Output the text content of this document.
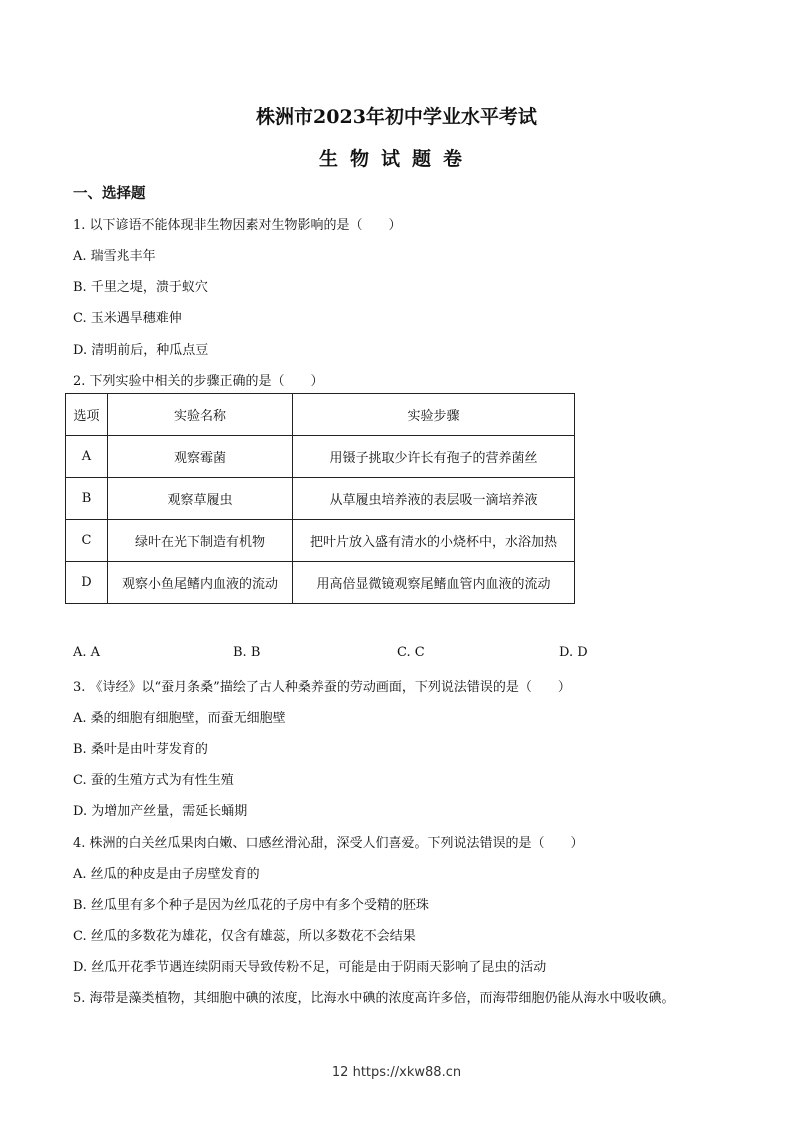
株洲市2023年初中学业水平考试
生物试题卷
一、选择题
1. 以下谚语不能体现非生物因素对生物影响的是（　　）
A. 瑞雪兆丰年
B. 千里之堤，溃于蚁穴
C. 玉米遇旱穗难伸
D. 清明前后，种瓜点豆
2. 下列实验中相关的步骤正确的是（　　）
选项	实验名称	实验步骤
A	观察霉菌	用镊子挑取少许长有孢子的营养菌丝
B	观察草履虫	从草履虫培养液的表层吸一滴培养液
C	绿叶在光下制造有机物	把叶片放入盛有清水的小烧杯中，水浴加热
D	观察小鱼尾鳍内血液的流动	用高倍显微镜观察尾鳍血管内血液的流动
A. A	B. B	C. C	D. D
3. 《诗经》以“蚕月条桑”描绘了古人种桑养蚕的劳动画面，下列说法错误的是（　　）
A. 桑的细胞有细胞壁，而蚕无细胞壁
B. 桑叶是由叶芽发育的
C. 蚕的生殖方式为有性生殖
D. 为增加产丝量，需延长蛹期
4. 株洲的白关丝瓜果肉白嫩、口感丝滑沁甜，深受人们喜爱。下列说法错误的是（　　）
A. 丝瓜的种皮是由子房壁发育的
B. 丝瓜里有多个种子是因为丝瓜花的子房中有多个受精的胚珠
C. 丝瓜的多数花为雄花，仅含有雄蕊，所以多数花不会结果
D. 丝瓜开花季节遇连续阴雨天导致传粉不足，可能是由于阴雨天影响了昆虫的活动
5. 海带是藻类植物，其细胞中碘的浓度，比海水中碘的浓度高许多倍，而海带细胞仍能从海水中吸收碘。
12 https://xkw88.cn
